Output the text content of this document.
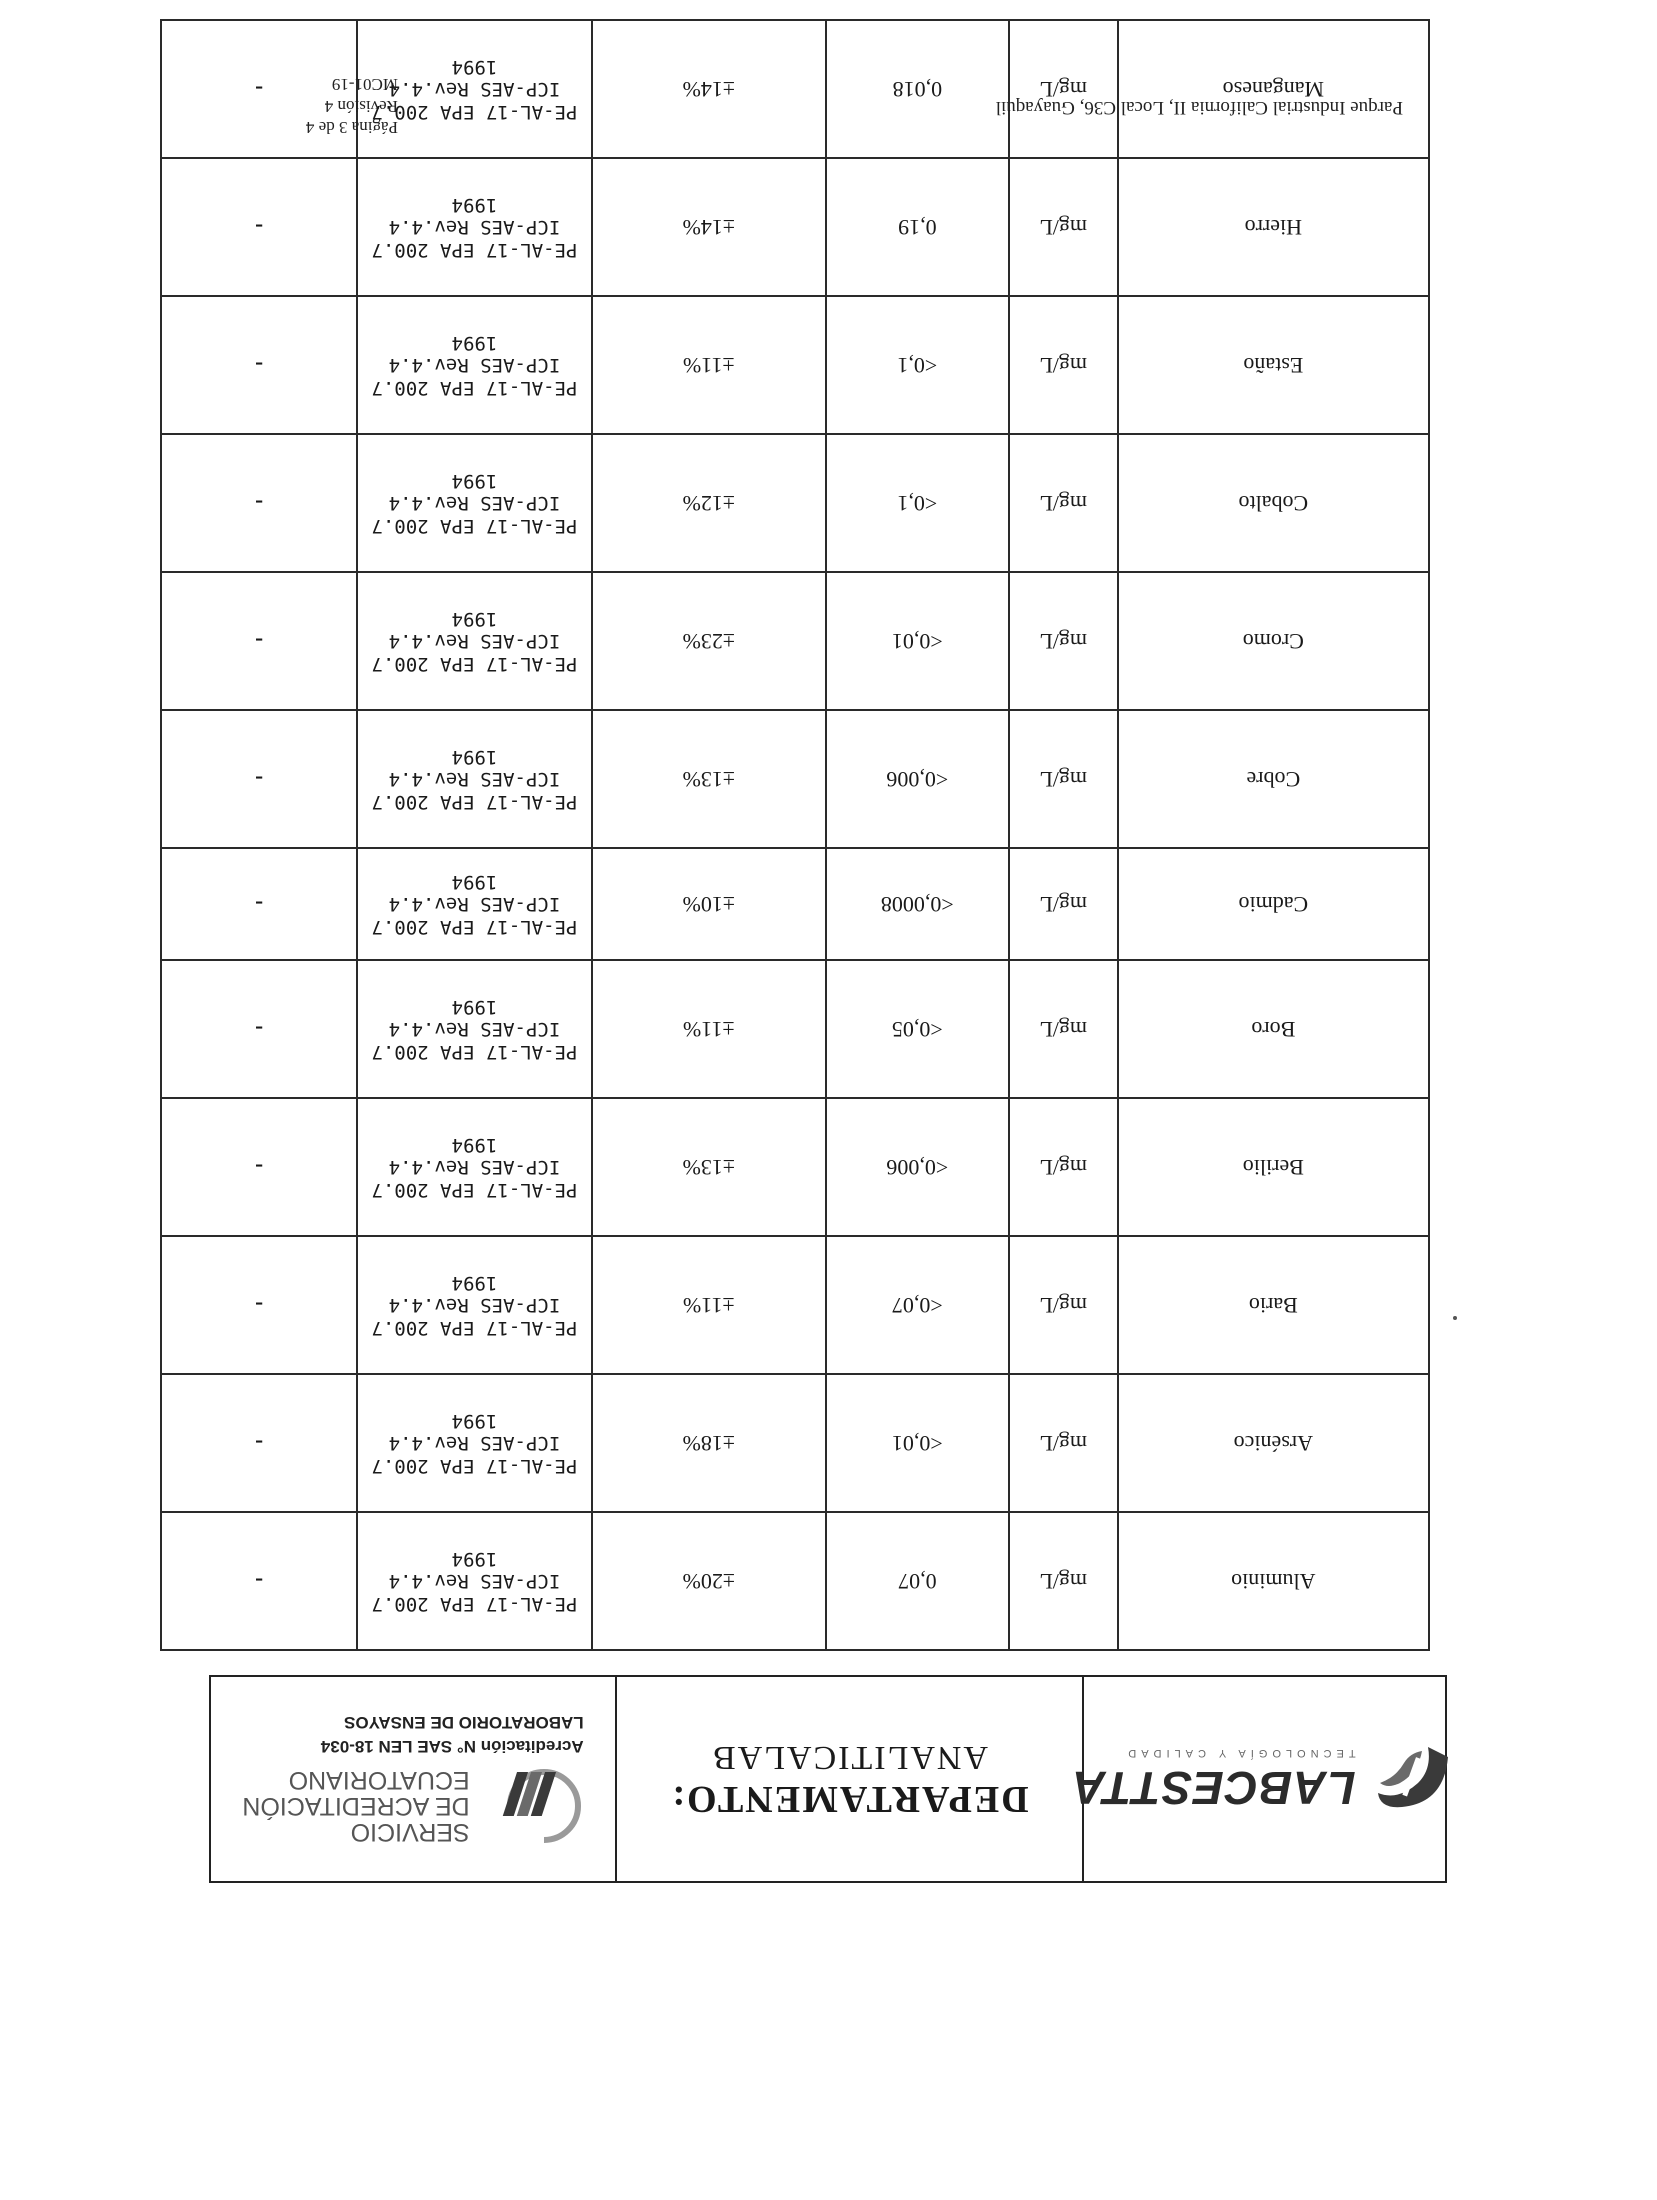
LABCESTTA
TECNOLOGÍA Y CALIDAD
DEPARTAMENTO:
ANALITICALAB
SERVICIO
DE ACREDITACIÓN
ECUATORIANO
Acreditación N° SAE LEN 18-034
LABORATORIO DE ENSAYOS
Aluminio	mg/L	0,07	±20%	PE-AL-17 EPA 200.7
ICP-AES Rev.4.4
1994	-
Arsénico	mg/L	<0,01	±18%	PE-AL-17 EPA 200.7
ICP-AES Rev.4.4
1994	-
Bario	mg/L	<0,07	±11%	PE-AL-17 EPA 200.7
ICP-AES Rev.4.4
1994	-
Berilio	mg/L	<0,006	±13%	PE-AL-17 EPA 200.7
ICP-AES Rev.4.4
1994	-
Boro	mg/L	<0,05	±11%	PE-AL-17 EPA 200.7
ICP-AES Rev.4.4
1994	-
Cadmio	mg/L	<0,0008	±10%	PE-AL-17 EPA 200.7
ICP-AES Rev.4.4
1994	-
Cobre	mg/L	<0,006	±13%	PE-AL-17 EPA 200.7
ICP-AES Rev.4.4
1994	-
Cromo	mg/L	<0,01	±23%	PE-AL-17 EPA 200.7
ICP-AES Rev.4.4
1994	-
Cobalto	mg/L	<0,1	±12%	PE-AL-17 EPA 200.7
ICP-AES Rev.4.4
1994	-
Estaño	mg/L	<0,1	±11%	PE-AL-17 EPA 200.7
ICP-AES Rev.4.4
1994	-
Hierro	mg/L	0,19	±14%	PE-AL-17 EPA 200.7
ICP-AES Rev.4.4
1994	-
Manganeso	mg/L	0,018	±14%	PE-AL-17 EPA 200.7
ICP-AES Rev.4.4
1994	-
Parque Industrial California II, Local C36, Guayaquil
Página 3 de 4
Revisión 4
MC01-19
